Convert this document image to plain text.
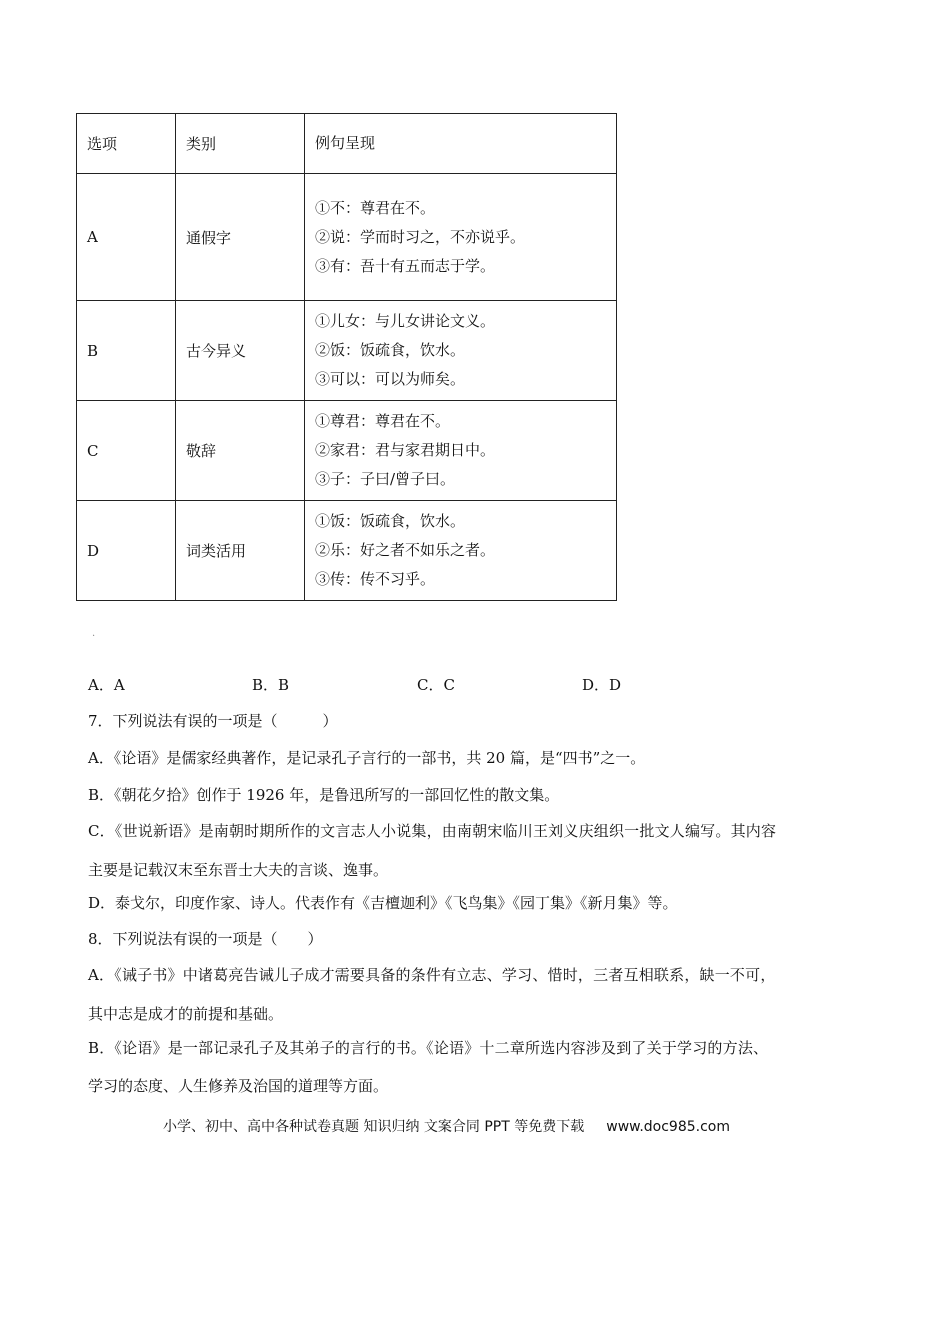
选项	类别	例句呈现
A	通假字	①不：尊君在不。
②说：学而时习之，不亦说乎。
③有：吾十有五而志于学。

B	古今异义	①儿女：与儿女讲论文义。
②饭：饭疏食，饮水。
③可以：可以为师矣。

C	敬辞	①尊君：尊君在不。
②家君：君与家君期日中。
③子：子曰/曾子曰。

D	词类活用	①饭：饭疏食，饮水。
②乐：好之者不如乐之者。
③传：传不习乎。
.
A．A	B．B	C．C	D．D
7．下列说法有误的一项是（　　　）
A．《论语》是儒家经典著作，是记录孔子言行的一部书，共 20 篇，是“四书”之一。
B．《朝花夕拾》创作于 1926 年，是鲁迅所写的一部回忆性的散文集。
C．《世说新语》是南朝时期所作的文言志人小说集，由南朝宋临川王刘义庆组织一批文人编写。其内容
主要是记载汉末至东晋士大夫的言谈、逸事。
D．泰戈尔，印度作家、诗人。代表作有《吉檀迦利》《飞鸟集》《园丁集》《新月集》等。
8．下列说法有误的一项是（　　）
A．《诫子书》中诸葛亮告诫儿子成才需要具备的条件有立志、学习、惜时，三者互相联系，缺一不可，
其中志是成才的前提和基础。
B．《论语》是一部记录孔子及其弟子的言行的书。《论语》十二章所选内容涉及到了关于学习的方法、
学习的态度、人生修养及治国的道理等方面。
小学、初中、高中各种试卷真题 知识归纳 文案合同 PPT 等免费下载 www.doc985.com
